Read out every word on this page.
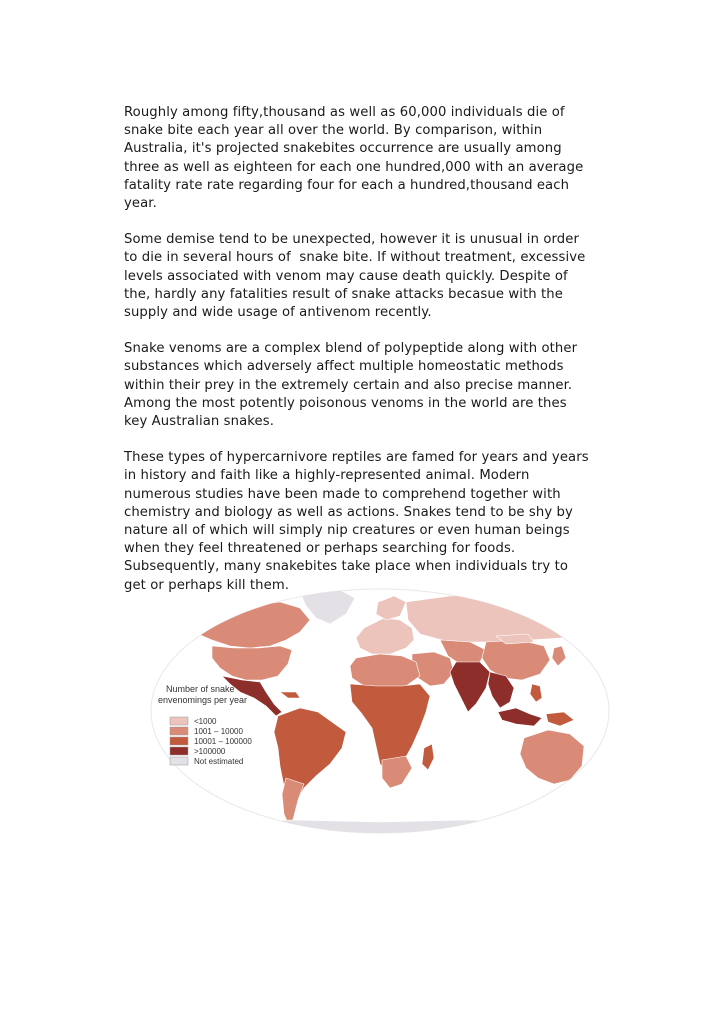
Roughly among fifty,thousand as well as 60,000 individuals die of
snake bite each year all over the world. By comparison, within
Australia, it's projected snakebites occurrence are usually among
three as well as eighteen for each one hundred,000 with an average
fatality rate rate regarding four for each a hundred,thousand each
year.

Some demise tend to be unexpected, however it is unusual in order
to die in several hours of  snake bite. If without treatment, excessive
levels associated with venom may cause death quickly. Despite of
the, hardly any fatalities result of snake attacks becasue with the
supply and wide usage of antivenom recently.

Snake venoms are a complex blend of polypeptide along with other
substances which adversely affect multiple homeostatic methods
within their prey in the extremely certain and also precise manner.
Among the most potently poisonous venoms in the world are thes
key Australian snakes.

These types of hypercarnivore reptiles are famed for years and years
in history and faith like a highly-represented animal. Modern
numerous studies have been made to comprehend together with
chemistry and biology as well as actions. Snakes tend to be shy by
nature all of which will simply nip creatures or even human beings
when they feel threatened or perhaps searching for foods.
Subsequently, many snakebites take place when individuals try to
get or perhaps kill them.

Number of snake
envenomings per year
<1000
1001 – 10000
10001 – 100000
>100000
Not estimated
